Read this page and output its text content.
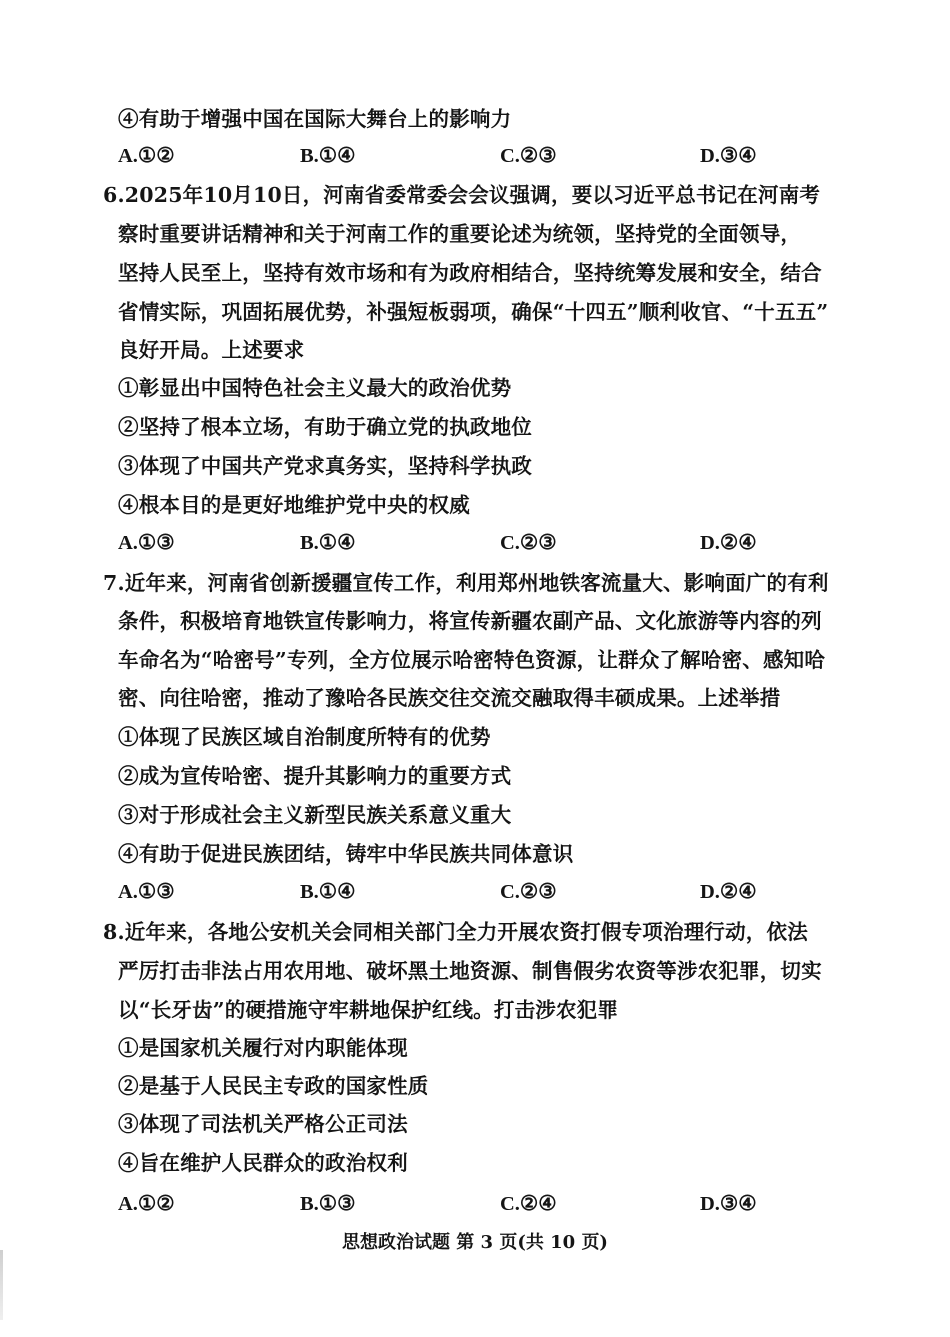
④有助于增强中国在国际大舞台上的影响力
A.①②	B.①④	C.②③	D.③④
6.2025年10月10日，河南省委常委会会议强调，要以习近平总书记在河南考
察时重要讲话精神和关于河南工作的重要论述为统领，坚持党的全面领导，
坚持人民至上，坚持有效市场和有为政府相结合，坚持统筹发展和安全，结合
省情实际，巩固拓展优势，补强短板弱项，确保“十四五”顺利收官、“十五五”
良好开局。上述要求
①彰显出中国特色社会主义最大的政治优势
②坚持了根本立场，有助于确立党的执政地位
③体现了中国共产党求真务实，坚持科学执政
④根本目的是更好地维护党中央的权威
A.①③	B.①④	C.②③	D.②④
7.近年来，河南省创新援疆宣传工作，利用郑州地铁客流量大、影响面广的有利
条件，积极培育地铁宣传影响力，将宣传新疆农副产品、文化旅游等内容的列
车命名为“哈密号”专列，全方位展示哈密特色资源，让群众了解哈密、感知哈
密、向往哈密，推动了豫哈各民族交往交流交融取得丰硕成果。上述举措
①体现了民族区域自治制度所特有的优势
②成为宣传哈密、提升其影响力的重要方式
③对于形成社会主义新型民族关系意义重大
④有助于促进民族团结，铸牢中华民族共同体意识
A.①③	B.①④	C.②③	D.②④
8.近年来，各地公安机关会同相关部门全力开展农资打假专项治理行动，依法
严厉打击非法占用农用地、破坏黑土地资源、制售假劣农资等涉农犯罪，切实
以“长牙齿”的硬措施守牢耕地保护红线。打击涉农犯罪
①是国家机关履行对内职能体现
②是基于人民民主专政的国家性质
③体现了司法机关严格公正司法
④旨在维护人民群众的政治权利
A.①②	B.①③	C.②④	D.③④
思想政治试题 第 3 页(共 10 页)
